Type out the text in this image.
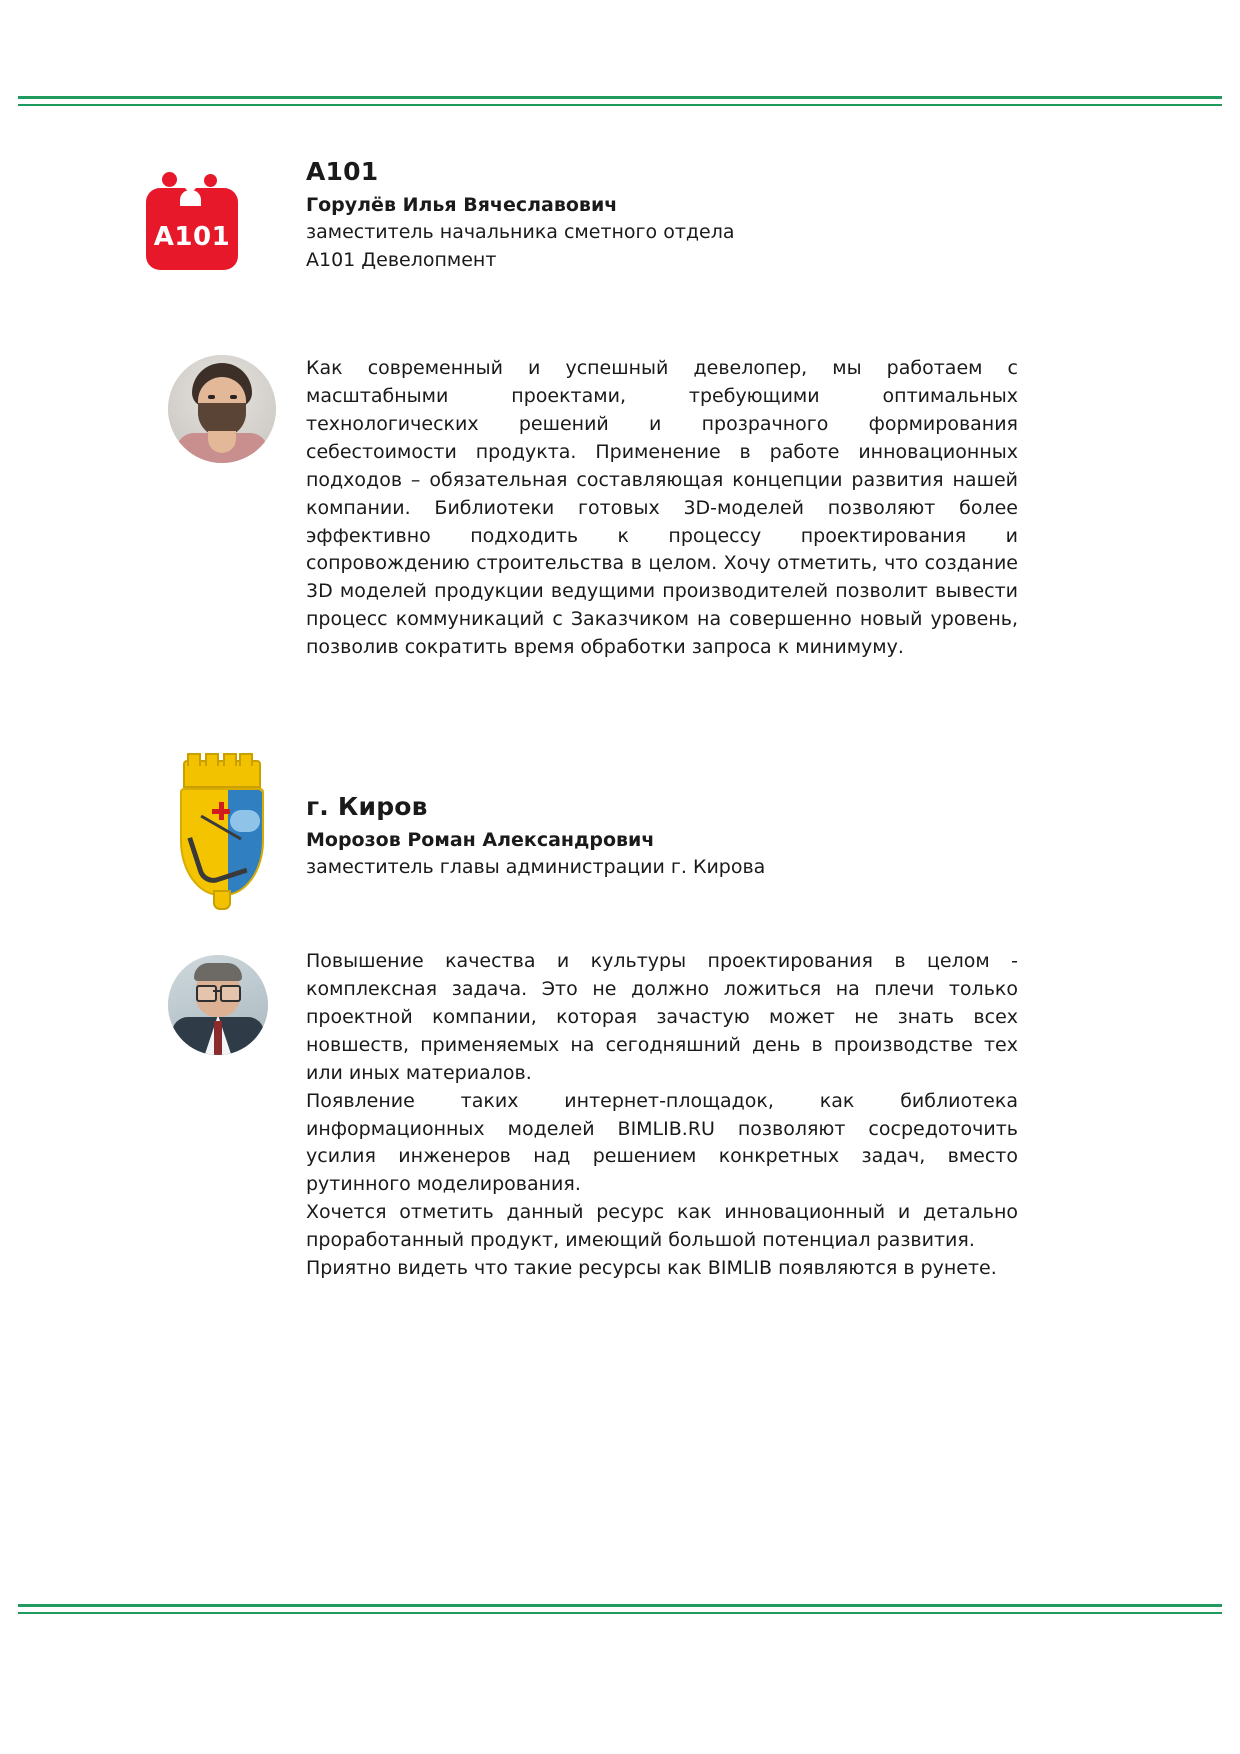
A101
A101
Горулёв Илья Вячеславович
заместитель начальника сметного отдела
A101 Девелопмент

Как современный и успешный девелопер, мы работаем с масштабными проектами, требующими оптимальных технологических решений и прозрачного формирования себестоимости продукта. Применение в работе инновационных подходов – обязательная составляющая концепции развития нашей компании. Библиотеки готовых 3D-моделей позволяют более эффективно подходить к процессу проектирования и сопровождению строительства в целом. Хочу отметить, что создание 3D моделей продукции ведущими производителей позволит вывести процесс коммуникаций с Заказчиком на совершенно новый уровень, позволив сократить время обработки запроса к минимуму.

г. Киров
Морозов Роман Александрович
заместитель главы администрации г. Кирова

Повышение качества и культуры проектирования в целом - комплексная задача. Это не должно ложиться на плечи только проектной компании, которая зачастую может не знать всех новшеств, применяемых на сегодняшний день в производстве тех или иных материалов.

Появление таких интернет-площадок, как библиотека информационных моделей BIMLIB.RU позволяют сосредоточить усилия инженеров над решением конкретных задач, вместо рутинного моделирования.

Хочется отметить данный ресурс как инновационный и детально проработанный продукт, имеющий большой потенциал развития.

Приятно видеть что такие ресурсы как BIMLIB появляются в рунете.
